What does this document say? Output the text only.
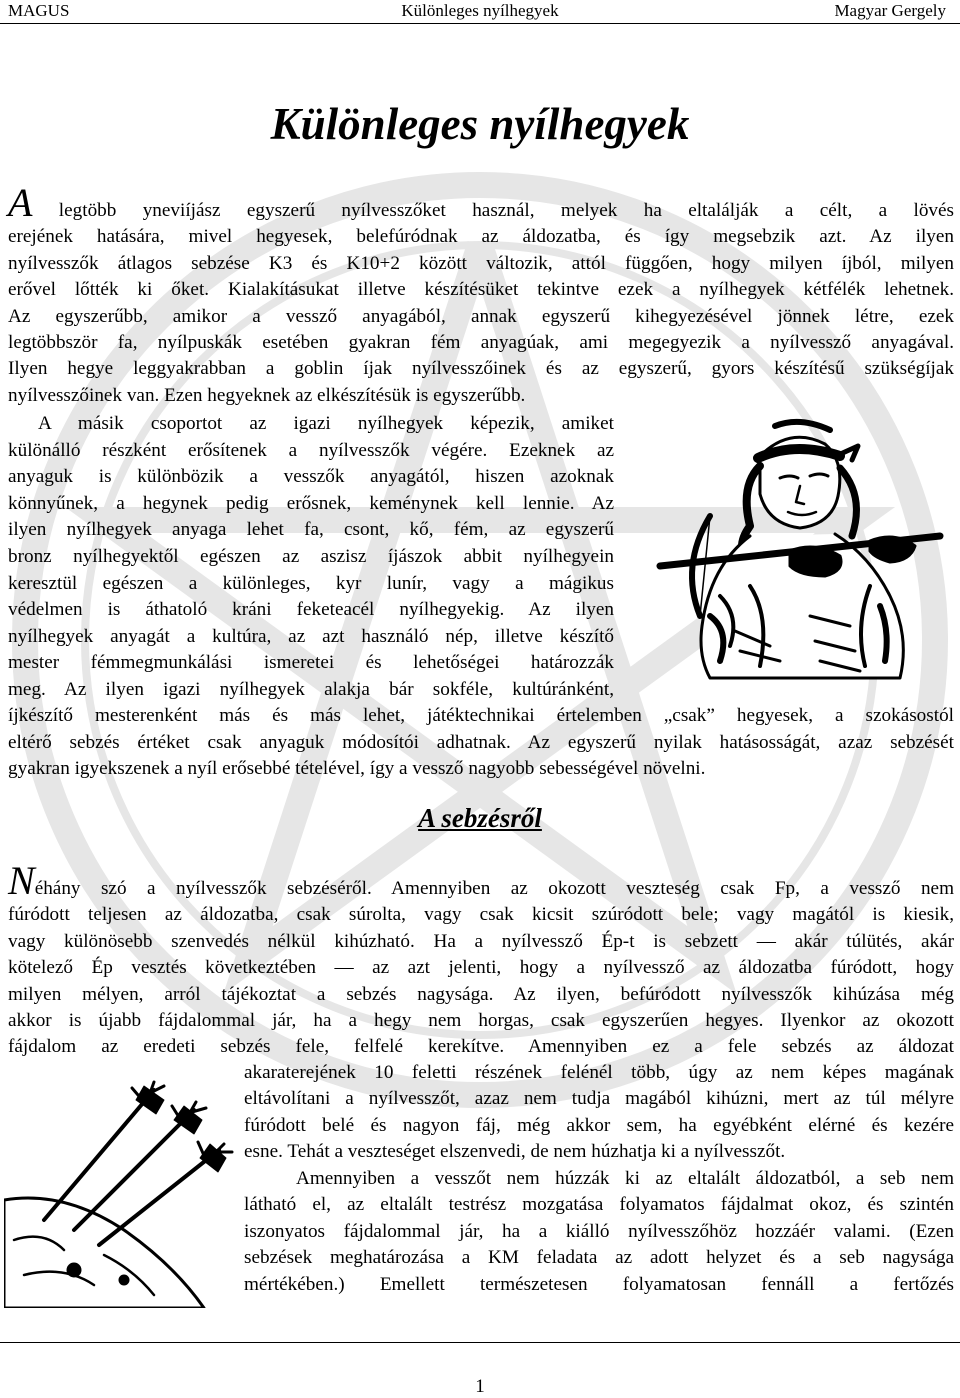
MAGUS	Különleges nyílhegyek	Magyar Gergely
Különleges nyílhegyek
A legtöbb yneviíjász egyszerű nyílvesszőket használ, melyek ha eltalálják a célt, a lövés
erejének hatására, mivel hegyesek, belefúródnak az áldozatba, és így megsebzik azt. Az ilyen
nyílvesszők átlagos sebzése K3 és K10+2 között változik, attól függően, hogy milyen íjból, milyen
erővel lőtték ki őket. Kialakításukat illetve készítésüket tekintve ezek a nyílhegyek kétfélék lehetnek.
Az egyszerűbb, amikor a vessző anyagából, annak egyszerű kihegyezésével jönnek létre, ezek
legtöbbször fa, nyílpuskák esetében gyakran fém anyagúak, ami megegyezik a nyílvessző anyagával.
Ilyen hegye leggyakrabban a goblin íjak nyílvesszőinek és az egyszerű, gyors készítésű szükségíjak
nyílvesszőinek van. Ezen hegyeknek az elkészítésük is egyszerűbb.

A másik csoportot az igazi nyílhegyek képezik, amiket

különálló részként erősítenek a nyílvesszők végére. Ezeknek az

anyaguk is különbözik a vesszők anyagától, hiszen azoknak

könnyűnek, a hegynek pedig erősnek, keménynek kell lennie. Az

ilyen nyílhegyek anyaga lehet fa, csont, kő, fém, az egyszerű

bronz nyílhegyektől egészen az aszisz íjászok abbit nyílhegyein

keresztül egészen a különleges, kyr lunír, vagy a mágikus

védelmen is áthatoló kráni feketeacél nyílhegyekig. Az ilyen

nyílhegyek anyagát a kultúra, az azt használó nép, illetve készítő

mester fémmegmunkálási ismeretei és lehetőségei határozzák

meg. Az ilyen igazi nyílhegyek alakja bár sokféle, kultúránként,

íjkészítő mesterenként más és más lehet, játéktechnikai értelemben „csak” hegyesek, a szokásostól

eltérő sebzés értéket csak anyaguk módosítói adhatnak. Az egyszerű nyilak hatásosságát, azaz sebzését

gyakran igyekszenek a nyíl erősebbé tételével, így a vessző nagyobb sebességével növelni.

A sebzésről
Néhány szó a nyílvesszők sebzéséről. Amennyiben az okozott veszteség csak Fp, a vessző nem
fúródott teljesen az áldozatba, csak súrolta, vagy csak kicsit szúródott bele; vagy magától is kiesik,
vagy különösebb szenvedés nélkül kihúzható. Ha a nyílvessző Ép-t is sebzett — akár túlütés, akár
kötelező Ép vesztés következtében — az azt jelenti, hogy a nyílvessző az áldozatba fúródott, hogy
milyen mélyen, arról tájékoztat a sebzés nagysága. Az ilyen, befúródott nyílvesszők kihúzása még
akkor is újabb fájdalommal jár, ha a hegy nem horgas, csak egyszerűen hegyes. Ilyenkor az okozott
fájdalom az eredeti sebzés fele, felfelé kerekítve. Amennyiben ez a fele sebzés az áldozat
akaraterejének 10 feletti részének felénél több, úgy az nem képes magának
eltávolítani a nyílvesszőt, azaz nem tudja magából kihúzni, mert az túl mélyre
fúródott belé és nagyon fáj, még akkor sem, ha egyébként elérné és kezére
esne. Tehát a veszteséget elszenvedi, de nem húzhatja ki a nyílvesszőt.
Amennyiben a vesszőt nem húzzák ki az eltalált áldozatból, a seb nem
látható el, az eltalált testrész mozgatása folyamatos fájdalmat okoz, és szintén
iszonyatos fájdalommal jár, ha a kiálló nyílvesszőhöz hozzáér valami. (Ezen
sebzések meghatározása a KM feladata az adott helyzet és a seb nagysága
mértékében.) Emellett természetesen folyamatosan fennáll a fertőzés
1
